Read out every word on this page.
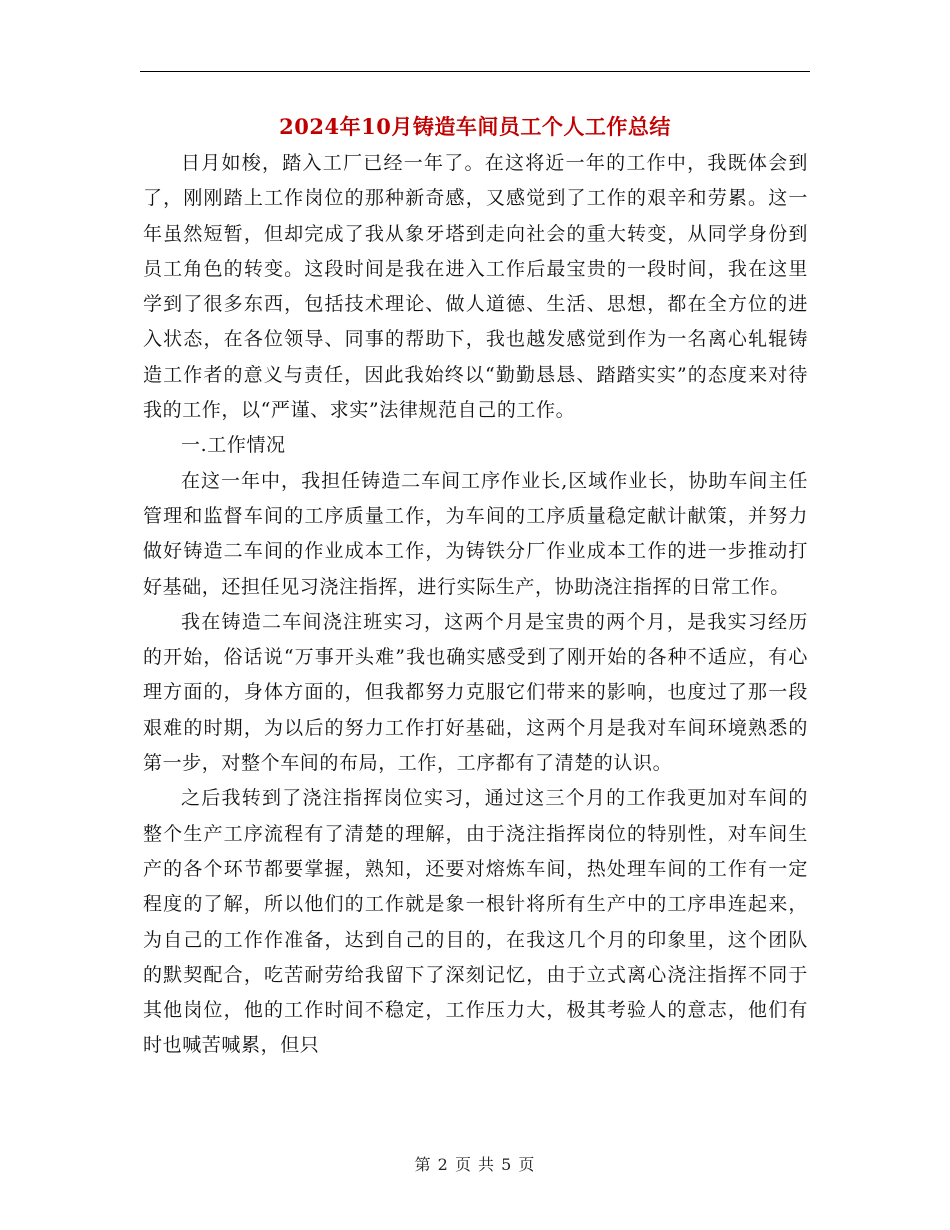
2024年10月铸造车间员工个人工作总结

日月如梭，踏入工厂已经一年了。在这将近一年的工作中，我既体会到了，刚刚踏上工作岗位的那种新奇感，又感觉到了工作的艰辛和劳累。这一年虽然短暂，但却完成了我从象牙塔到走向社会的重大转变，从同学身份到员工角色的转变。这段时间是我在进入工作后最宝贵的一段时间，我在这里学到了很多东西，包括技术理论、做人道德、生活、思想，都在全方位的进入状态，在各位领导、同事的帮助下，我也越发感觉到作为一名离心轧辊铸造工作者的意义与责任，因此我始终以“勤勤恳恳、踏踏实实”的态度来对待我的工作，以“严谨、求实”法律规范自己的工作。

一.工作情况

在这一年中，我担任铸造二车间工序作业长,区域作业长，协助车间主任管理和监督车间的工序质量工作，为车间的工序质量稳定献计献策，并努力做好铸造二车间的作业成本工作，为铸铁分厂作业成本工作的进一步推动打好基础，还担任见习浇注指挥，进行实际生产，协助浇注指挥的日常工作。

我在铸造二车间浇注班实习，这两个月是宝贵的两个月，是我实习经历的开始，俗话说“万事开头难”我也确实感受到了刚开始的各种不适应，有心理方面的，身体方面的，但我都努力克服它们带来的影响，也度过了那一段艰难的时期，为以后的努力工作打好基础，这两个月是我对车间环境熟悉的第一步，对整个车间的布局，工作，工序都有了清楚的认识。

之后我转到了浇注指挥岗位实习，通过这三个月的工作我更加对车间的整个生产工序流程有了清楚的理解，由于浇注指挥岗位的特别性，对车间生产的各个环节都要掌握，熟知，还要对熔炼车间，热处理车间的工作有一定程度的了解，所以他们的工作就是象一根针将所有生产中的工序串连起来，为自己的工作作准备，达到自己的目的，在我这几个月的印象里，这个团队的默契配合，吃苦耐劳给我留下了深刻记忆，由于立式离心浇注指挥不同于其他岗位，他的工作时间不稳定，工作压力大，极其考验人的意志，他们有时也喊苦喊累，但只

第 2 页 共 5 页
